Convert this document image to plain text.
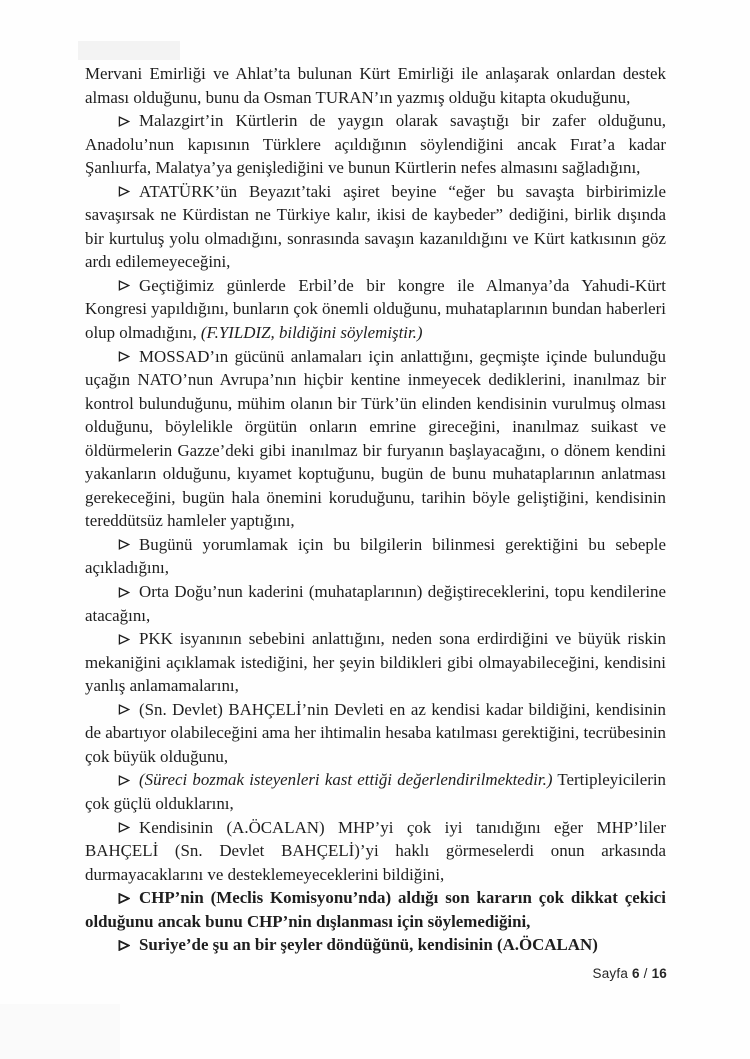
Mervani Emirliği ve Ahlat’ta bulunan Kürt Emirliği ile anlaşarak onlardan destek alması olduğunu, bunu da Osman TURAN’ın yazmış olduğu kitapta okuduğunu,

Malazgirt’in Kürtlerin de yaygın olarak savaştığı bir zafer olduğunu, Anadolu’nun kapısının Türklere açıldığının söylendiğini ancak Fırat’a kadar Şanlıurfa, Malatya’ya genişlediğini ve bunun Kürtlerin nefes almasını sağladığını,

ATATÜRK’ün Beyazıt’taki aşiret beyine “eğer bu savaşta birbirimizle savaşırsak ne Kürdistan ne Türkiye kalır, ikisi de kaybeder” dediğini, birlik dışında bir kurtuluş yolu olmadığını, sonrasında savaşın kazanıldığını ve Kürt katkısının göz ardı edilemeyeceğini,

Geçtiğimiz günlerde Erbil’de bir kongre ile Almanya’da Yahudi-Kürt Kongresi yapıldığını, bunların çok önemli olduğunu, muhataplarının bundan haberleri olup olmadığını, (F.YILDIZ, bildiğini söylemiştir.)

MOSSAD’ın gücünü anlamaları için anlattığını, geçmişte içinde bulunduğu uçağın NATO’nun Avrupa’nın hiçbir kentine inmeyecek dediklerini, inanılmaz bir kontrol bulunduğunu, mühim olanın bir Türk’ün elinden kendisinin vurulmuş olması olduğunu, böylelikle örgütün onların emrine gireceğini, inanılmaz suikast ve öldürmelerin Gazze’deki gibi inanılmaz bir furyanın başlayacağını, o dönem kendini yakanların olduğunu, kıyamet koptuğunu, bugün de bunu muhataplarının anlatması gerekeceğini, bugün hala önemini koruduğunu, tarihin böyle geliştiğini, kendisinin tereddütsüz hamleler yaptığını,

Bugünü yorumlamak için bu bilgilerin bilinmesi gerektiğini bu sebeple açıkladığını,

Orta Doğu’nun kaderini (muhataplarının) değiştireceklerini, topu kendilerine atacağını,

PKK isyanının sebebini anlattığını, neden sona erdirdiğini ve büyük riskin mekaniğini açıklamak istediğini, her şeyin bildikleri gibi olmayabileceğini, kendisini yanlış anlamamalarını,

(Sn. Devlet) BAHÇELİ’nin Devleti en az kendisi kadar bildiğini, kendisinin de abartıyor olabileceğini ama her ihtimalin hesaba katılması gerektiğini, tecrübesinin çok büyük olduğunu,

(Süreci bozmak isteyenleri kast ettiği değerlendirilmektedir.) Tertipleyicilerin çok güçlü olduklarını,

Kendisinin (A.ÖCALAN) MHP’yi çok iyi tanıdığını eğer MHP’liler BAHÇELİ (Sn. Devlet BAHÇELİ)’yi haklı görmeselerdi onun arkasında durmayacaklarını ve desteklemeyeceklerini bildiğini,

CHP’nin (Meclis Komisyonu’nda) aldığı son kararın çok dikkat çekici olduğunu ancak bunu CHP’nin dışlanması için söylemediğini,

Suriye’de şu an bir şeyler döndüğünü, kendisinin (A.ÖCALAN)

Sayfa 6 / 16
